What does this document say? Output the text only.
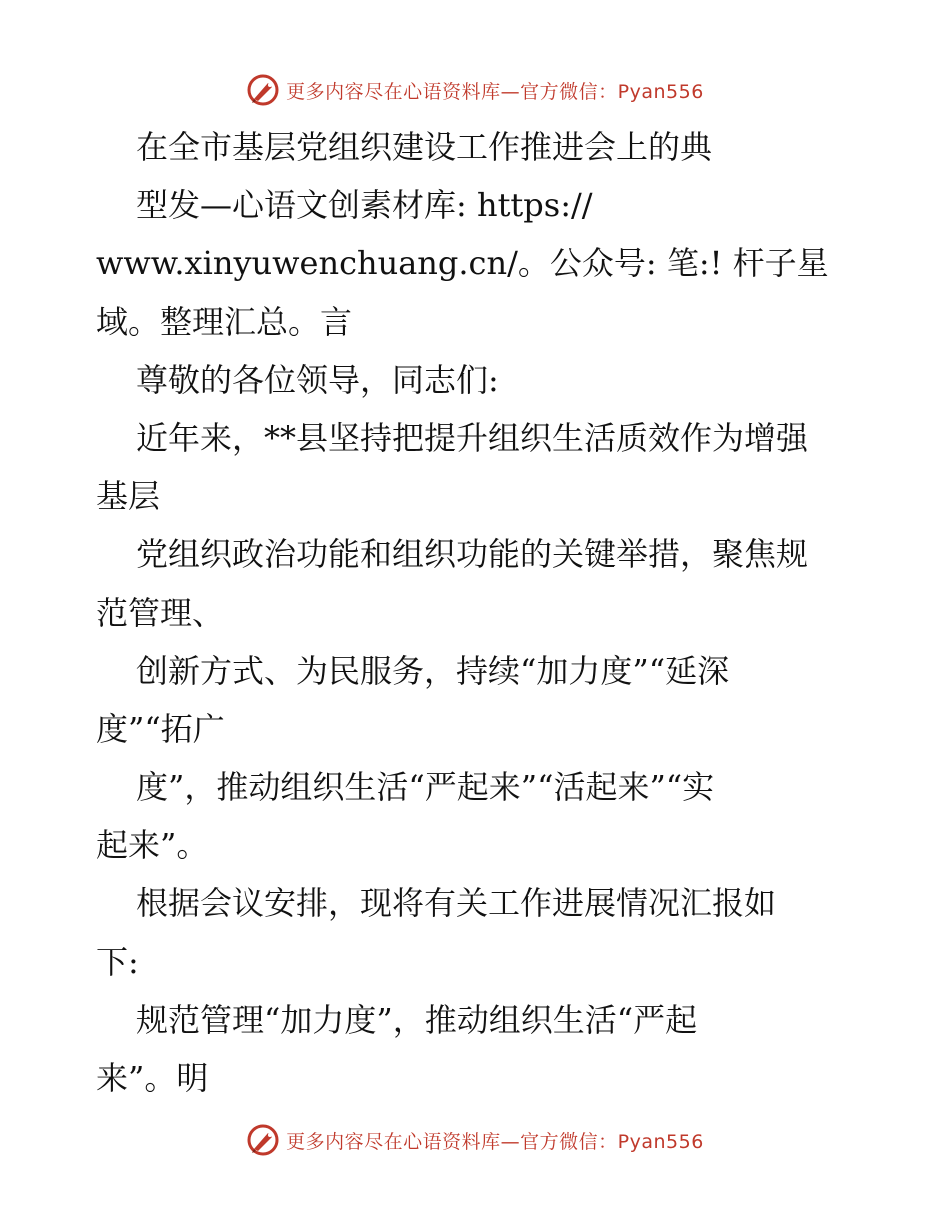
更多内容尽在心语资料库—官方微信：Pyan556
在全市基层党组织建设工作推进会上的典
型发—心语文创素材库: https://
www.xinyuwenchuang.cn/。公众号: 笔:! 杆子星
域。整理汇总。言
尊敬的各位领导，同志们:
近年来，**县坚持把提升组织生活质效作为增强
基层
党组织政治功能和组织功能的关键举措，聚焦规
范管理、
创新方式、为民服务，持续“加力度”“延深
度”“拓广
度”，推动组织生活“严起来”“活起来”“实
起来”。
根据会议安排，现将有关工作进展情况汇报如
下:
规范管理“加力度”，推动组织生活“严起
来”。明
更多内容尽在心语资料库—官方微信：Pyan556
